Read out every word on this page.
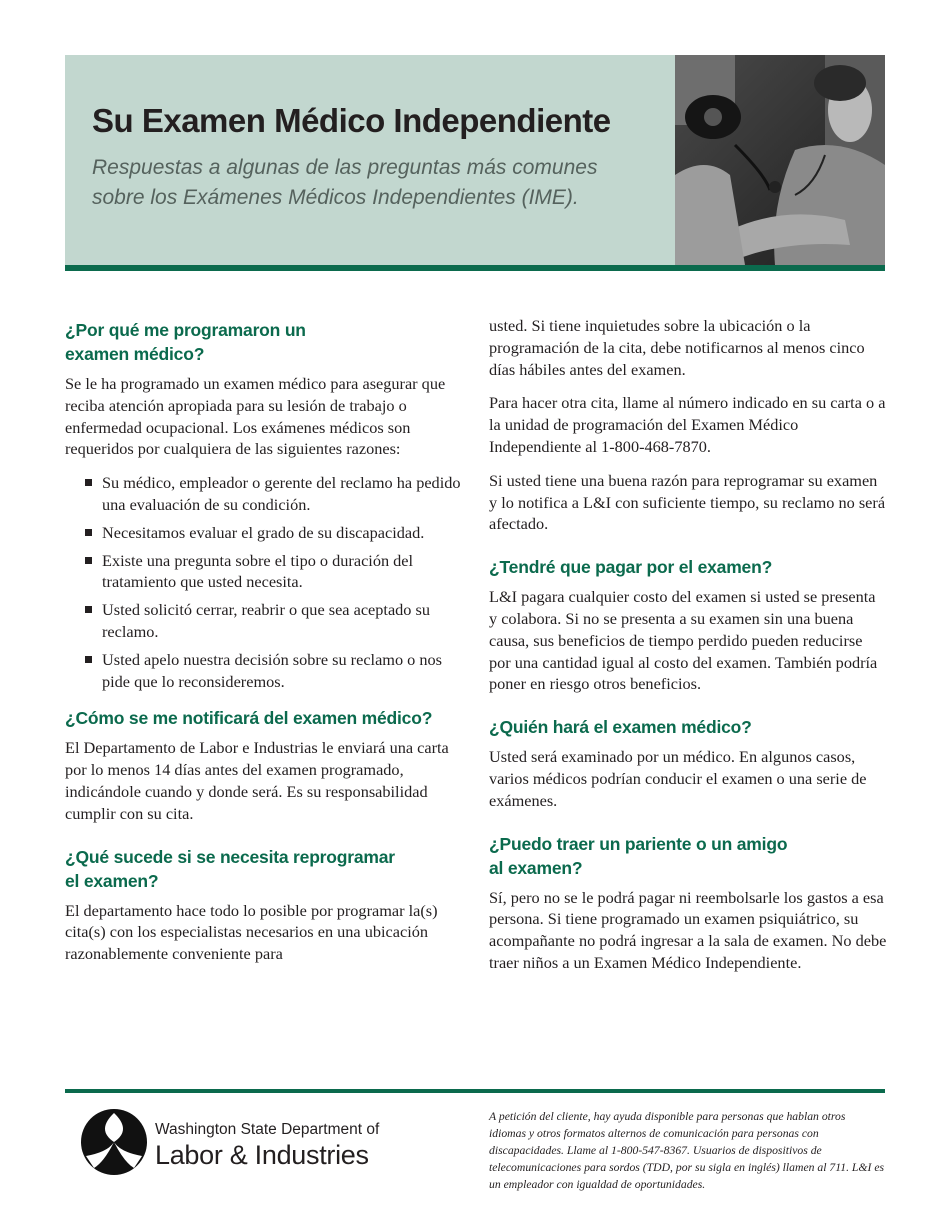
Su Examen Médico Independiente
Respuestas a algunas de las preguntas más comunes
sobre los Exámenes Médicos Independientes (IME).
¿Por qué me programaron un
examen médico?

Se le ha programado un examen médico para asegurar que reciba atención apropiada para su lesión de trabajo o enfermedad ocupacional. Los exámenes médicos son requeridos por cualquiera de las siguientes razones:

Su médico, empleador o gerente del reclamo ha pedido una evaluación de su condición.
Necesitamos evaluar el grado de su discapacidad.
Existe una pregunta sobre el tipo o duración del tratamiento que usted necesita.
Usted solicitó cerrar, reabrir o que sea aceptado su reclamo.
Usted apelo nuestra decisión sobre su reclamo o nos pide que lo reconsideremos.
¿Cómo se me notificará del examen médico?

El Departamento de Labor e Industrias le enviará una carta por lo menos 14 días antes del examen programado, indicándole cuando y donde será. Es su responsabilidad cumplir con su cita.

¿Qué sucede si se necesita reprogramar
el examen?

El departamento hace todo lo posible por programar la(s) cita(s) con los especialistas necesarios en una ubicación razonablemente conveniente para

usted. Si tiene inquietudes sobre la ubicación o la programación de la cita, debe notificarnos al menos cinco días hábiles antes del examen.

Para hacer otra cita, llame al número indicado en su carta o a la unidad de programación del Examen Médico Independiente al 1-800-468-7870.

Si usted tiene una buena razón para reprogramar su examen y lo notifica a L&I con suficiente tiempo, su reclamo no será afectado.

¿Tendré que pagar por el examen?

L&I pagara cualquier costo del examen si usted se presenta y colabora. Si no se presenta a su examen sin una buena causa, sus beneficios de tiempo perdido pueden reducirse por una cantidad igual al costo del examen. También podría poner en riesgo otros beneficios.

¿Quién hará el examen médico?

Usted será examinado por un médico. En algunos casos, varios médicos podrían conducir el examen o una serie de exámenes.

¿Puedo traer un pariente o un amigo
al examen?

Sí, pero no se le podrá pagar ni reembolsarle los gastos a esa persona. Si tiene programado un examen psiquiátrico, su acompañante no podrá ingresar a la sala de examen. No debe traer niños a un Examen Médico Independiente.

Washington State Department of
Labor & Industries
A petición del cliente, hay ayuda disponible para personas que hablan otros idiomas y otros formatos alternos de comunicación para personas con discapacidades. Llame al 1-800-547-8367. Usuarios de dispositivos de telecomunicaciones para sordos (TDD, por su sigla en inglés) llamen al 711. L&I es un empleador con igualdad de oportunidades.
